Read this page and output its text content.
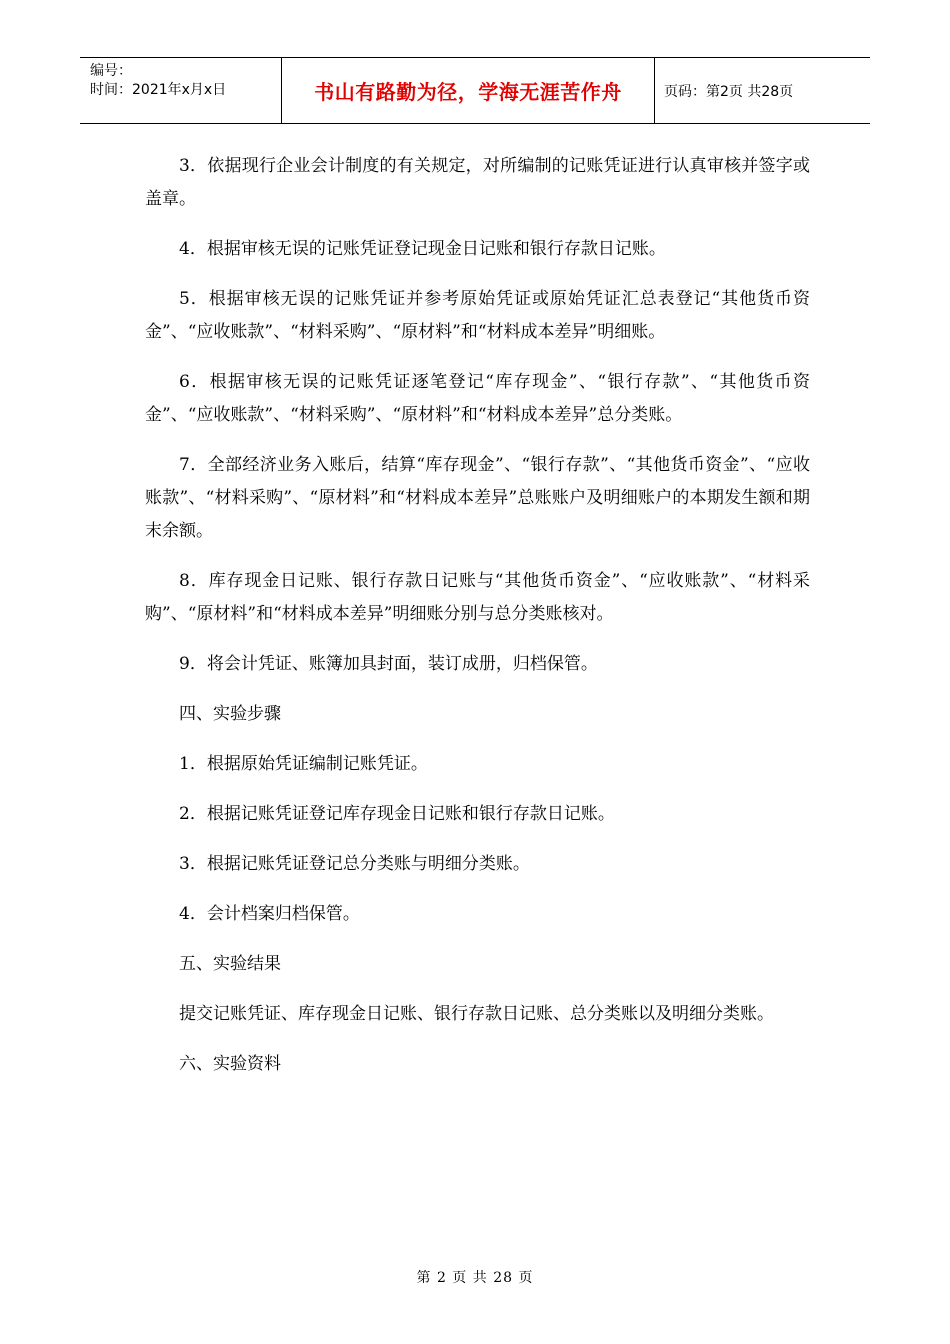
编号：
时间：2021年x月x日	书山有路勤为径，学海无涯苦作舟	页码：第2页 共28页

3．依据现行企业会计制度的有关规定，对所编制的记账凭证进行认真审核并签字或盖章。

4．根据审核无误的记账凭证登记现金日记账和银行存款日记账。

5．根据审核无误的记账凭证并参考原始凭证或原始凭证汇总表登记“其他货币资金”、“应收账款”、“材料采购”、“原材料”和“材料成本差异”明细账。

6．根据审核无误的记账凭证逐笔登记“库存现金”、“银行存款”、“其他货币资金”、“应收账款”、“材料采购”、“原材料”和“材料成本差异”总分类账。

7．全部经济业务入账后，结算“库存现金”、“银行存款”、“其他货币资金”、“应收账款”、“材料采购”、“原材料”和“材料成本差异”总账账户及明细账户的本期发生额和期末余额。

8．库存现金日记账、银行存款日记账与“其他货币资金”、“应收账款”、“材料采购”、“原材料”和“材料成本差异”明细账分别与总分类账核对。

9．将会计凭证、账簿加具封面，装订成册，归档保管。

四、实验步骤

1．根据原始凭证编制记账凭证。

2．根据记账凭证登记库存现金日记账和银行存款日记账。

3．根据记账凭证登记总分类账与明细分类账。

4．会计档案归档保管。

五、实验结果

提交记账凭证、库存现金日记账、银行存款日记账、总分类账以及明细分类账。

六、实验资料

第 2 页 共 28 页
